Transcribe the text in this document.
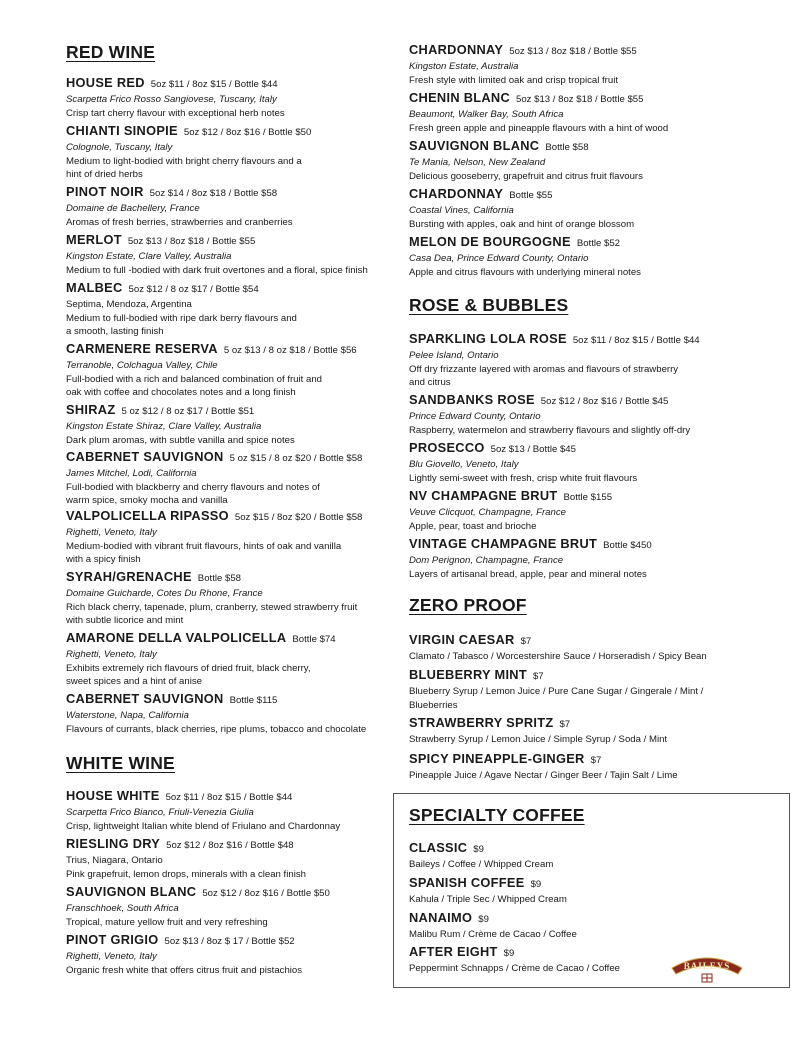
RED WINE
HOUSE RED 5oz $11 / 8oz $15 / Bottle $44
Scarpetta Frico Rosso Sangiovese, Tuscany, Italy
Crisp tart cherry flavour with exceptional herb notes
CHIANTI SINOPIE 5oz $12 / 8oz $16 / Bottle $50
Colognole, Tuscany, Italy
Medium to light-bodied with bright cherry flavours and a
hint of dried herbs
PINOT NOIR 5oz $14 / 8oz $18 / Bottle $58
Domaine de Bachellery, France
Aromas of fresh berries, strawberries and cranberries
MERLOT 5oz $13 / 8oz $18 / Bottle $55
Kingston Estate, Clare Valley, Australia
Medium to full -bodied with dark fruit overtones and a floral, spice finish
MALBEC 5oz $12 / 8 oz $17 / Bottle $54
Septima, Mendoza, Argentina
Medium to full-bodied with ripe dark berry flavours and
a smooth, lasting finish
CARMENERE RESERVA 5 oz $13 / 8 oz $18 / Bottle $56
Terranoble, Colchagua Valley, Chile
Full-bodied with a rich and balanced combination of fruit and
oak with coffee and chocolates notes and a long finish
SHIRAZ 5 oz $12 / 8 oz $17 / Bottle $51
Kingston Estate Shiraz, Clare Valley, Australia
Dark plum aromas, with subtle vanilla and spice notes
CABERNET SAUVIGNON 5 oz $15 / 8 oz $20 / Bottle $58
James Mitchel, Lodi, California
Full-bodied with blackberry and cherry flavours and notes of
warm spice, smoky mocha and vanilla
VALPOLICELLA RIPASSO 5oz $15 / 8oz $20 / Bottle $58
Righetti, Veneto, Italy
Medium-bodied with vibrant fruit flavours, hints of oak and vanilla
with a spicy finish
SYRAH/GRENACHE Bottle $58
Domaine Guicharde, Cotes Du Rhone, France
Rich black cherry, tapenade, plum, cranberry, stewed strawberry fruit
with subtle licorice and mint
AMARONE DELLA VALPOLICELLA Bottle $74
Righetti, Veneto, Italy
Exhibits extremely rich flavours of dried fruit, black cherry,
sweet spices and a hint of anise
CABERNET SAUVIGNON Bottle $115
Waterstone, Napa, California
Flavours of currants, black cherries, ripe plums, tobacco and chocolate
WHITE WINE
HOUSE WHITE 5oz $11 / 8oz $15 / Bottle $44
Scarpetta Frico Bianco, Friuli-Venezia Giulia
Crisp, lightweight Italian white blend of Friulano and Chardonnay
RIESLING DRY 5oz $12 / 8oz $16 / Bottle $48
Trius, Niagara, Ontario
Pink grapefruit, lemon drops, minerals with a clean finish
SAUVIGNON BLANC 5oz $12 / 8oz $16 / Bottle $50
Franschhoek, South Africa
Tropical, mature yellow fruit and very refreshing
PINOT GRIGIO 5oz $13 / 8oz $ 17 / Bottle $52
Righetti, Veneto, Italy
Organic fresh white that offers citrus fruit and pistachios
CHARDONNAY 5oz $13 / 8oz $18 / Bottle $55
Kingston Estate, Australia
Fresh style with limited oak and crisp tropical fruit
CHENIN BLANC 5oz $13 / 8oz $18 / Bottle $55
Beaumont, Walker Bay, South Africa
Fresh green apple and pineapple flavours with a hint of wood
SAUVIGNON BLANC Bottle $58
Te Mania, Nelson, New Zealand
Delicious gooseberry, grapefruit and citrus fruit flavours
CHARDONNAY Bottle $55
Coastal Vines, California
Bursting with apples, oak and hint of orange blossom
MELON DE BOURGOGNE Bottle $52
Casa Dea, Prince Edward County, Ontario
Apple and citrus flavours with underlying mineral notes
ROSE & BUBBLES
SPARKLING LOLA ROSE 5oz $11 / 8oz $15 / Bottle $44
Pelee Island, Ontario
Off dry frizzante layered with aromas and flavours of strawberry
and citrus
SANDBANKS ROSE 5oz $12 / 8oz $16 / Bottle $45
Prince Edward County, Ontario
Raspberry, watermelon and strawberry flavours and slightly off-dry
PROSECCO 5oz $13 / Bottle $45
Blu Giovello, Veneto, Italy
Lightly semi-sweet with fresh, crisp white fruit flavours
NV CHAMPAGNE BRUT Bottle $155
Veuve Clicquot, Champagne, France
Apple, pear, toast and brioche
VINTAGE CHAMPAGNE BRUT Bottle $450
Dom Perignon, Champagne, France
Layers of artisanal bread, apple, pear and mineral notes
ZERO PROOF
VIRGIN CAESAR $7
Clamato / Tabasco / Worcestershire Sauce / Horseradish / Spicy Bean
BLUEBERRY MINT $7
Blueberry Syrup / Lemon Juice / Pure Cane Sugar / Gingerale / Mint /
Blueberries
STRAWBERRY SPRITZ $7
Strawberry Syrup / Lemon Juice / Simple Syrup / Soda / Mint
SPICY PINEAPPLE-GINGER $7
Pineapple Juice / Agave Nectar / Ginger Beer / Tajin Salt / Lime
SPECIALTY COFFEE
CLASSIC $9
Baileys / Coffee / Whipped Cream
SPANISH COFFEE $9
Kahula / Triple Sec / Whipped Cream
NANAIMO $9
Malibu Rum / Crème de Cacao / Coffee
AFTER EIGHT $9
Peppermint Schnapps / Crème de Cacao / Coffee	BAILEYS
